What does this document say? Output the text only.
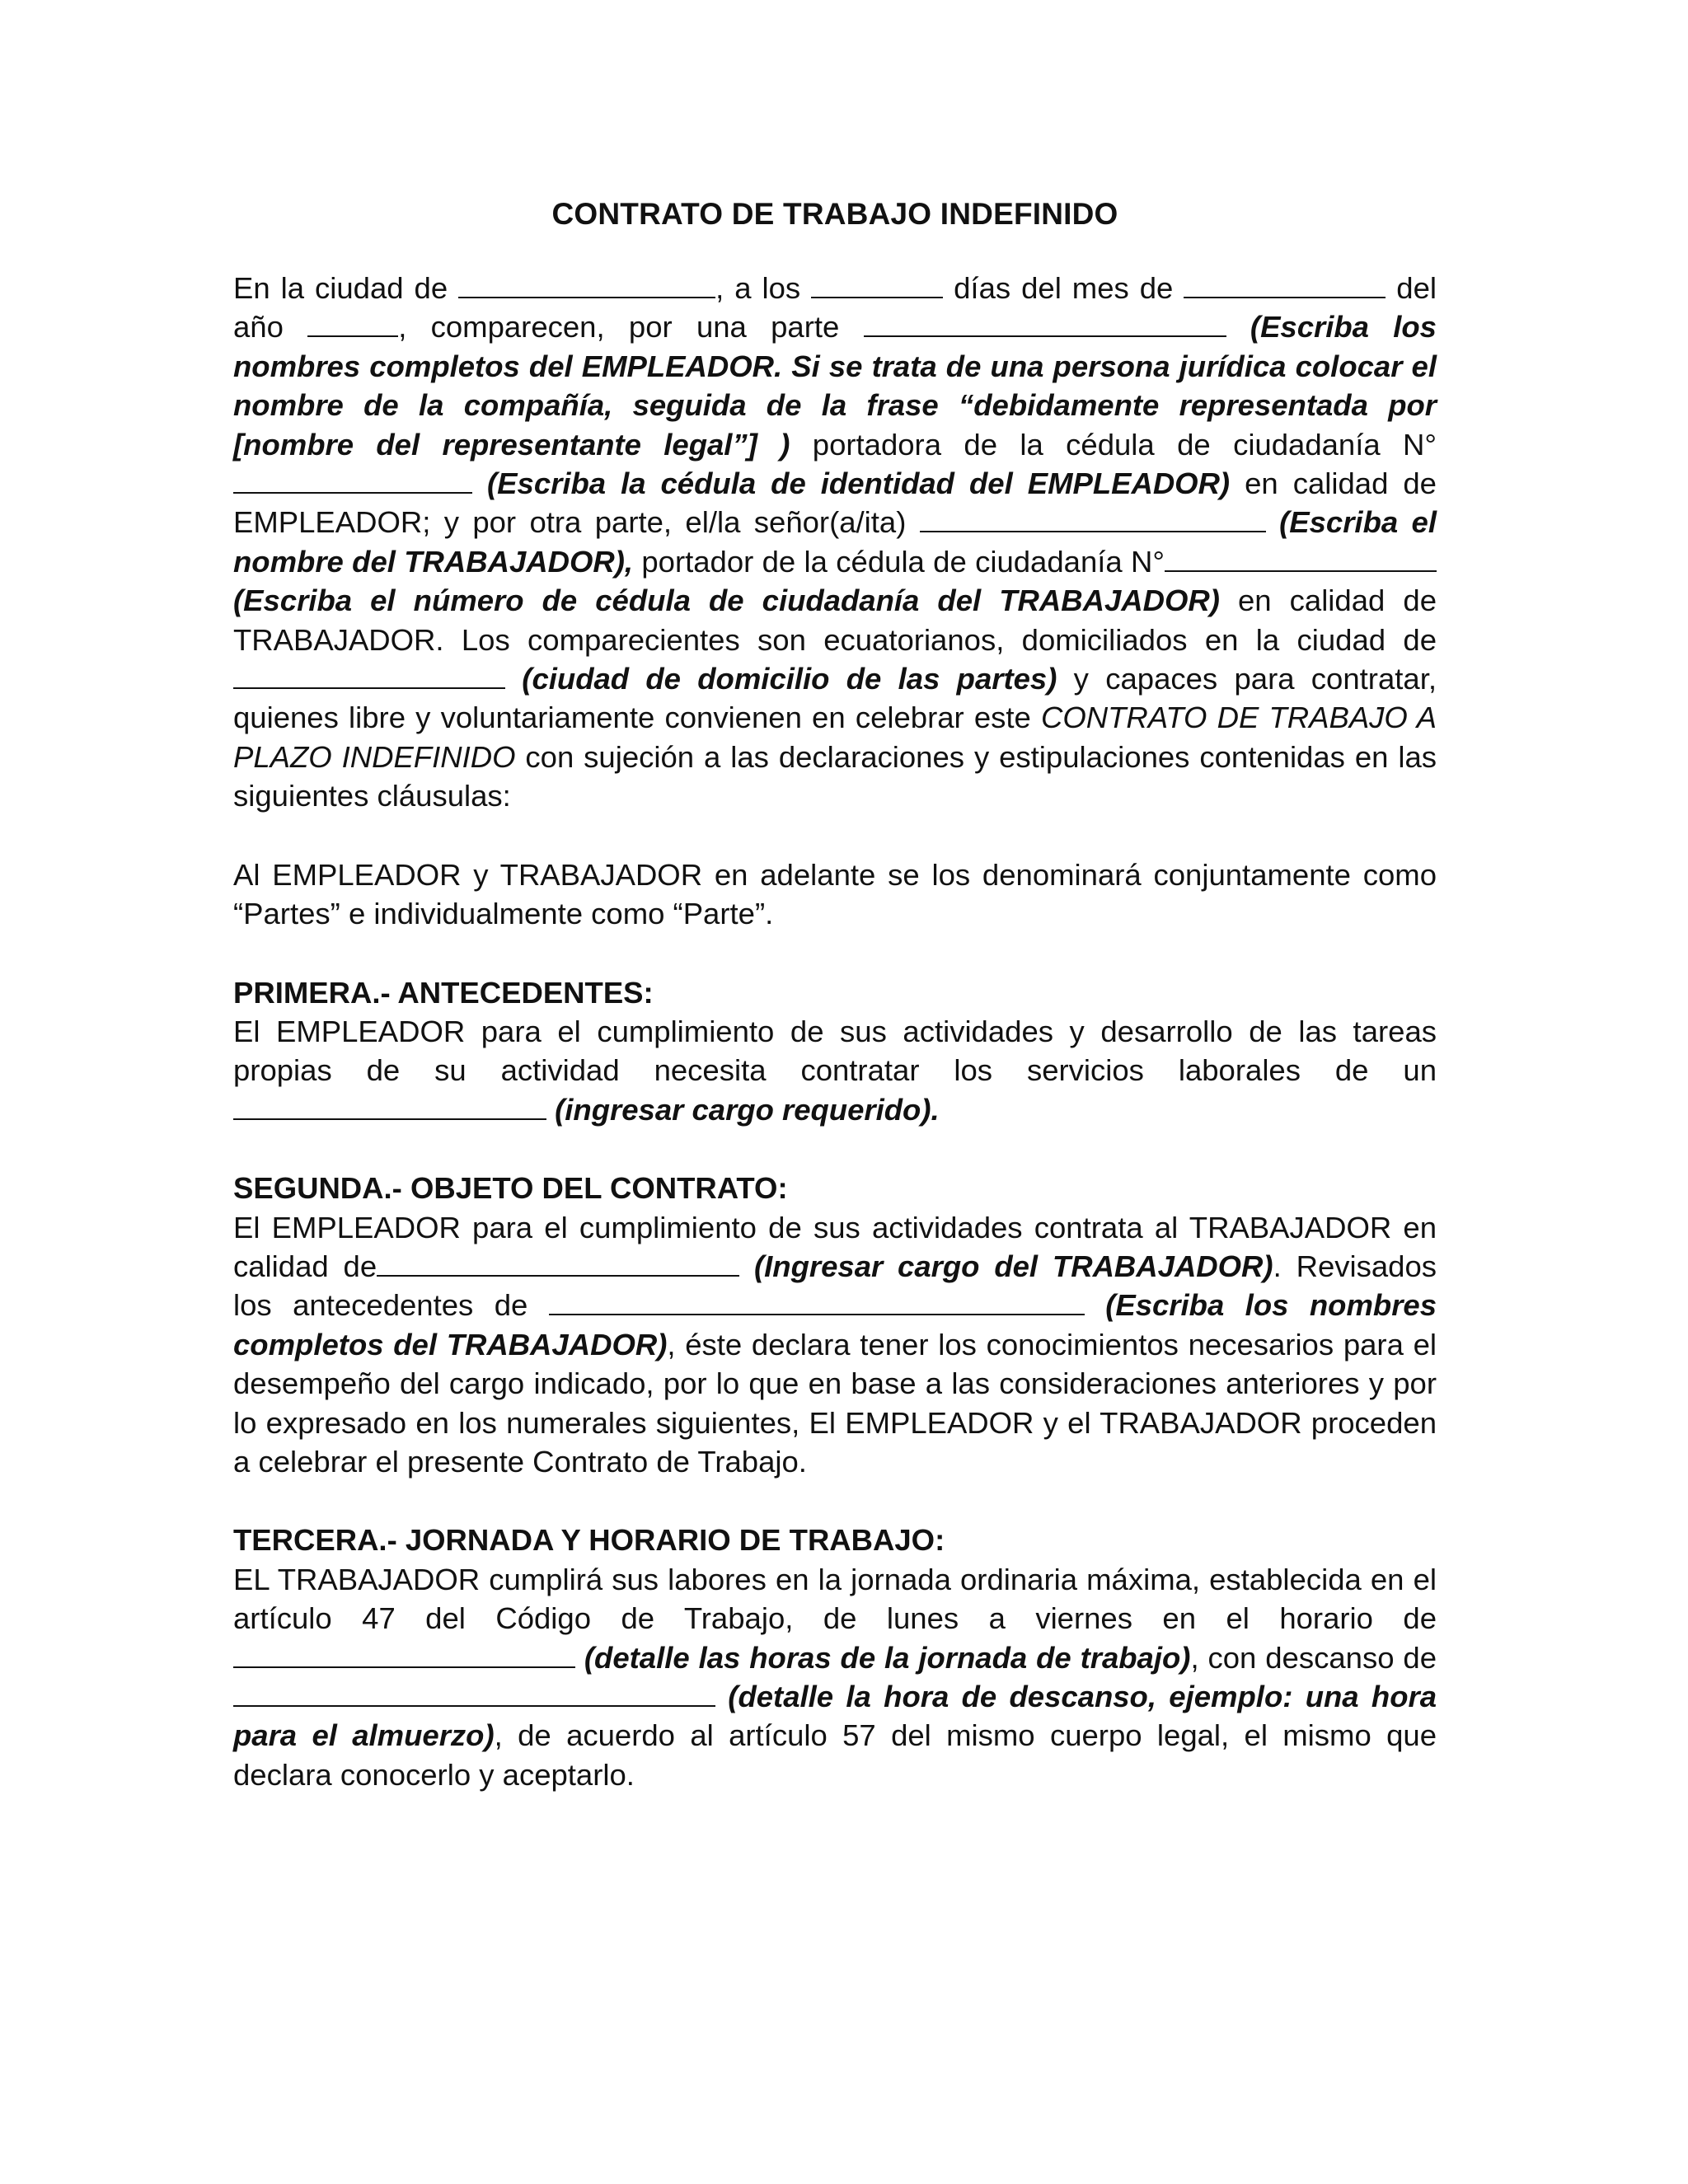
CONTRATO DE TRABAJO INDEFINIDO

En la ciudad de	, a los	días del mes de	del año	, comparecen, por una parte	(Escriba los nombres completos del EMPLEADOR. Si se trata de una persona jurídica colocar el nombre de la compañía, seguida de la frase “debidamente representada por [nombre del representante legal”] ) portadora de la cédula de ciudadanía N°  (Escriba la cédula de identidad del EMPLEADOR) en calidad de EMPLEADOR; y por otra parte, el/la señor(a/ita)	(Escriba el nombre del TRABAJADOR), portador de la cédula de ciudadanía N° (Escriba el número de cédula de ciudadanía del TRABAJADOR) en calidad de TRABAJADOR. Los comparecientes son ecuatorianos, domiciliados en la ciudad de  (ciudad de domicilio de las partes) y capaces para contratar, quienes libre y voluntariamente convienen en celebrar este CONTRATO DE TRABAJO A PLAZO INDEFINIDO con sujeción a las declaraciones y estipulaciones contenidas en las siguientes cláusulas:

Al EMPLEADOR y TRABAJADOR en adelante se los denominará conjuntamente como “Partes” e individualmente como “Parte”.

PRIMERA.- ANTECEDENTES:

El EMPLEADOR para el cumplimiento de sus actividades y desarrollo de las tareas propias de su actividad necesita contratar los servicios laborales de un (ingresar cargo requerido).

SEGUNDA.- OBJETO DEL CONTRATO:

El EMPLEADOR para el cumplimiento de sus actividades contrata al TRABAJADOR en calidad de	(Ingresar cargo del TRABAJADOR). Revisados los antecedentes de	(Escriba los nombres completos del TRABAJADOR), éste declara tener los conocimientos necesarios para el desempeño del cargo indicado, por lo que en base a las consideraciones anteriores y por lo expresado en los numerales siguientes, El EMPLEADOR y el TRABAJADOR proceden a celebrar el presente Contrato de Trabajo.

TERCERA.- JORNADA Y HORARIO DE TRABAJO:

EL TRABAJADOR cumplirá sus labores en la jornada ordinaria máxima, establecida en el artículo 47 del Código de Trabajo, de lunes a viernes en el horario de  (detalle las horas de la jornada de trabajo), con descanso de  (detalle la hora de descanso, ejemplo: una hora para el almuerzo), de acuerdo al artículo 57 del mismo cuerpo legal, el mismo que declara conocerlo y aceptarlo.
